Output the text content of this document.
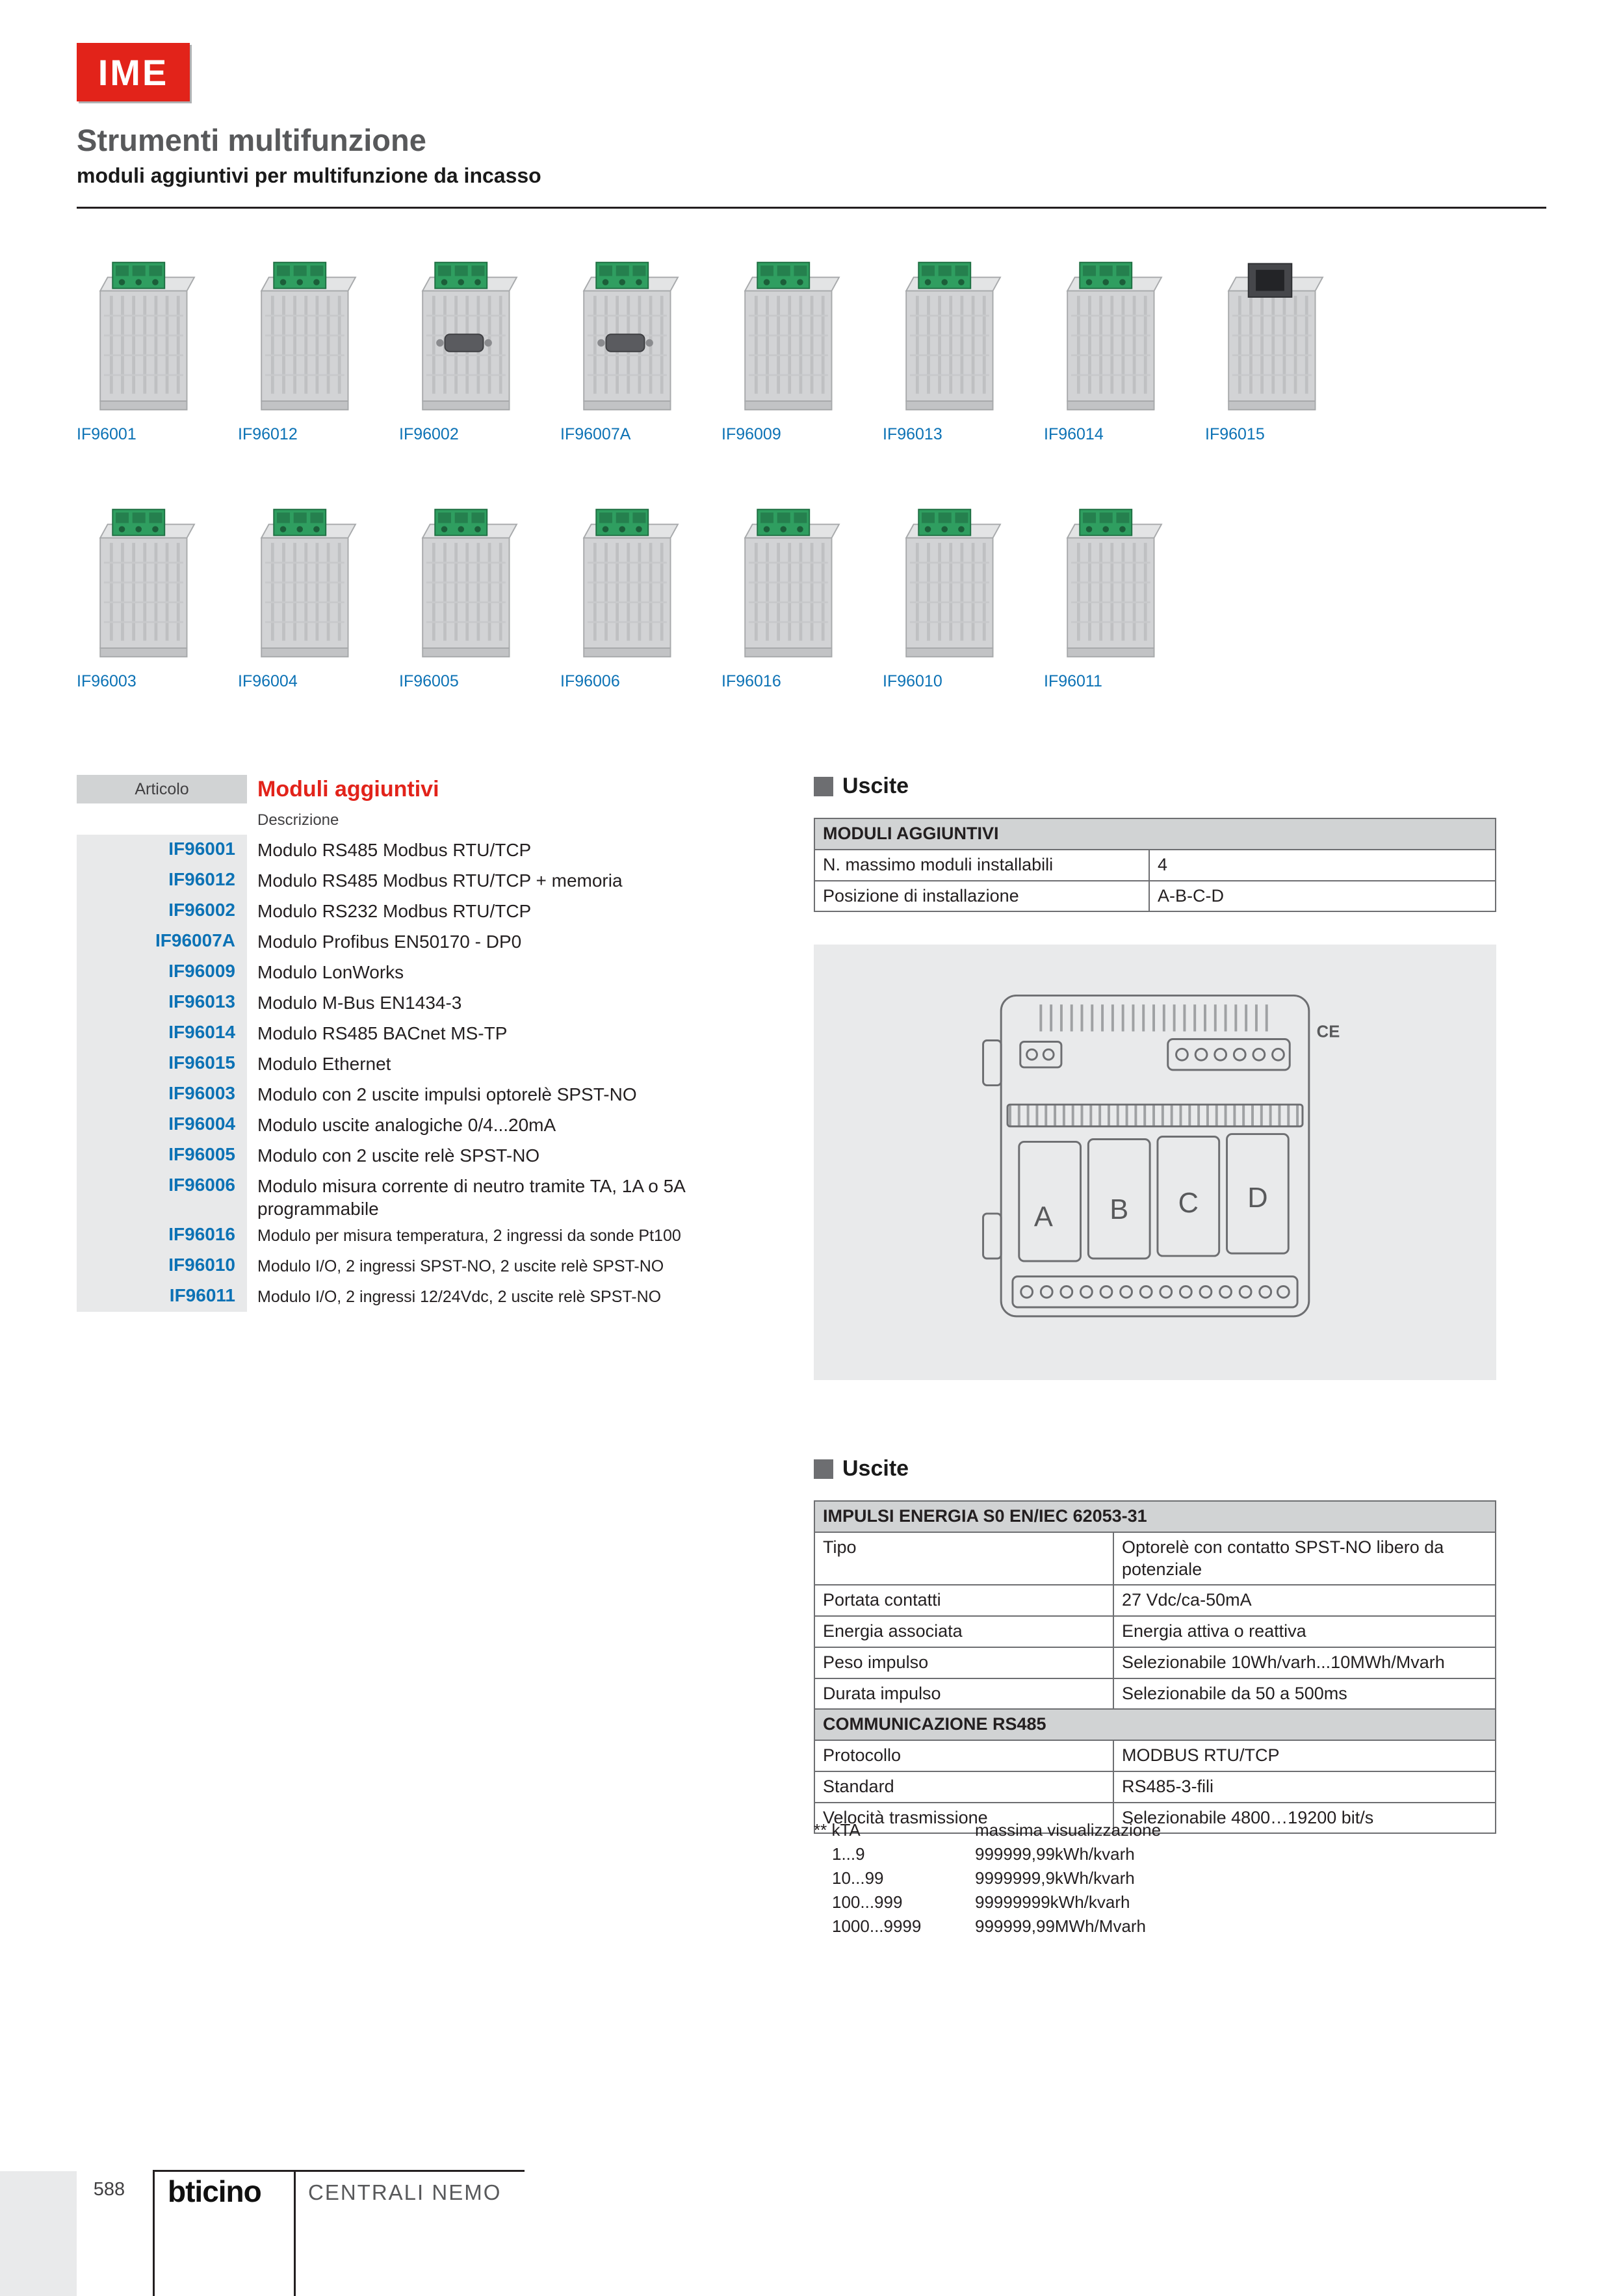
IME
Strumenti multifunzione
moduli aggiuntivi per multifunzione da incasso
IF96001	IF96012	IF96002	IF96007A	IF96009	IF96013	IF96014	IF96015
IF96003	IF96004	IF96005	IF96006	IF96016	IF96010	IF96011
Articolo	Moduli aggiuntivi
Descrizione
IF96001	Modulo RS485 Modbus RTU/TCP
IF96012	Modulo RS485 Modbus RTU/TCP + memoria
IF96002	Modulo RS232 Modbus RTU/TCP
IF96007A	Modulo Profibus EN50170 - DP0
IF96009	Modulo LonWorks
IF96013	Modulo M-Bus EN1434-3
IF96014	Modulo RS485 BACnet MS-TP
IF96015	Modulo Ethernet
IF96003	Modulo con 2 uscite impulsi optorelè SPST-NO
IF96004	Modulo uscite analogiche 0/4...20mA
IF96005	Modulo con 2 uscite relè SPST-NO
IF96006	Modulo misura corrente di neutro tramite TA, 1A o 5A programmabile
IF96016	Modulo per misura temperatura, 2 ingressi da sonde Pt100
IF96010	Modulo I/O, 2 ingressi SPST-NO, 2 uscite relè SPST-NO
IF96011	Modulo I/O, 2 ingressi 12/24Vdc, 2 uscite relè SPST-NO
Uscite
MODULI AGGIUNTIVI	
N. massimo moduli installabili	4
Posizione di installazione	A-B-C-D
CE
A B C D
Uscite
IMPULSI ENERGIA S0 EN/IEC 62053-31	
Tipo	Optorelè con contatto SPST-NO libero da potenziale
Portata contatti	27 Vdc/ca-50mA
Energia associata	Energia attiva o reattiva
Peso impulso	Selezionabile 10Wh/varh...10MWh/Mvarh
Durata impulso	Selezionabile da 50 a 500ms
COMMUNICAZIONE RS485	
Protocollo	MODBUS RTU/TCP
Standard	RS485-3-fili
Velocità trasmissione	Selezionabile 4800…19200 bit/s
** kTA	massima visualizzazione
1...9	999999,99kWh/kvarh
10...99	9999999,9kWh/kvarh
100...999	99999999kWh/kvarh
1000...9999	999999,99MWh/Mvarh
588	bticino CENTRALI NEMO
